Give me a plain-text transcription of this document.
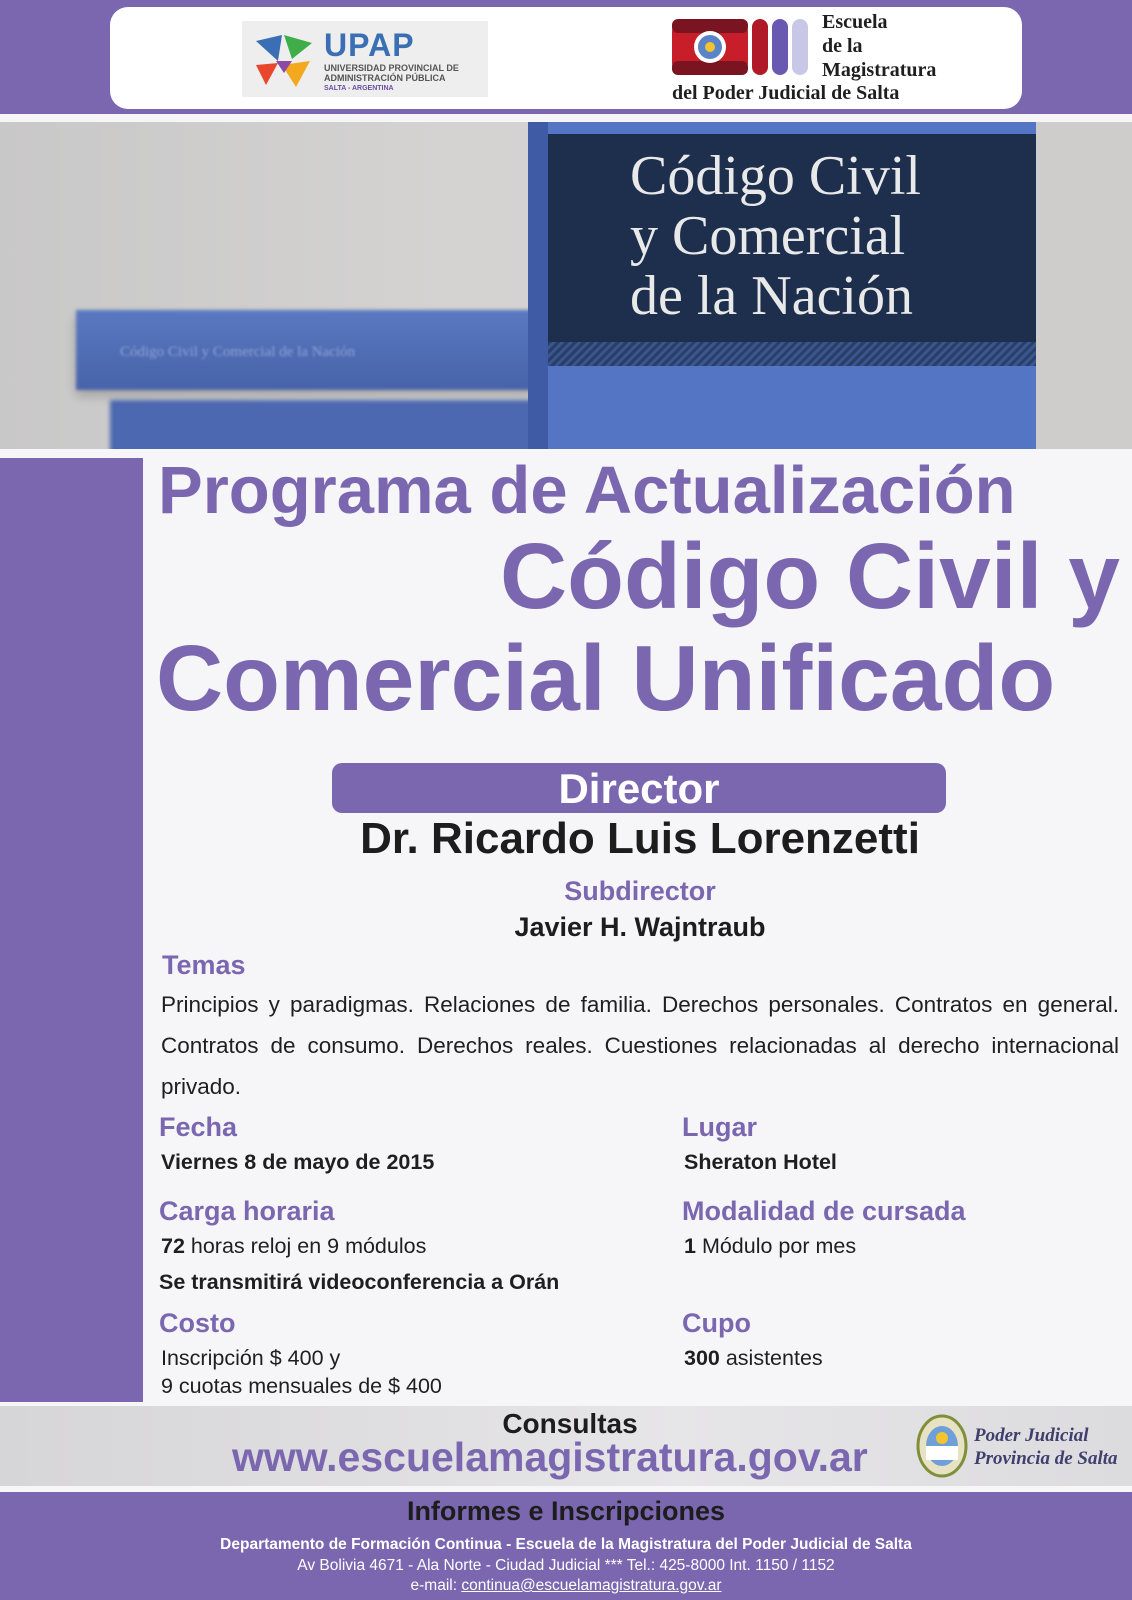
UPAP
UNIVERSIDAD PROVINCIAL DE ADMINISTRACIÓN PÚBLICA
SALTA - ARGENTINA
Escuela
de la
Magistratura
del Poder Judicial de Salta
Código Civil y Comercial de la Nación
Código Civil
y Comercial
de la Nación
Programa de Actualización
Código Civil y
Comercial Unificado
Director
Dr. Ricardo Luis Lorenzetti
Subdirector
Javier H. Wajntraub
Temas
Principios y paradigmas. Relaciones de familia. Derechos personales. Contratos en general. Contratos de consumo. Derechos reales. Cuestiones relacionadas al derecho internacional privado.
Fecha
Viernes 8 de mayo de 2015
Carga horaria
72 horas reloj en 9 módulos
Se transmitirá videoconferencia a Orán
Costo
Inscripción $ 400 y
9 cuotas mensuales de $ 400
Lugar
Sheraton Hotel
Modalidad de cursada
1 Módulo por mes
Cupo
300 asistentes
Consultas
www.escuelamagistratura.gov.ar	Poder Judicial
Provincia de Salta
Informes e Inscripciones
Departamento de Formación Continua - Escuela de la Magistratura del Poder Judicial de Salta
Av Bolivia 4671 - Ala Norte - Ciudad Judicial *** Tel.: 425-8000 Int. 1150 / 1152
e-mail: continua@escuelamagistratura.gov.ar
